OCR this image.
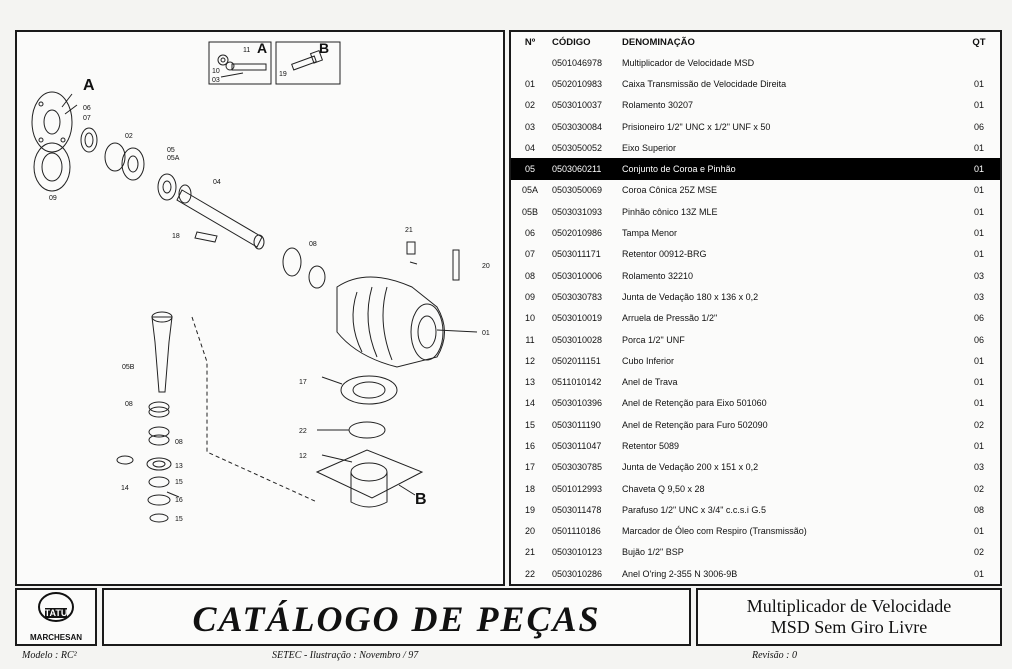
A
A	B
B
11
10
03
19
06
07
02
05
05A
09
04
18
08
21
20
01
05B
08
08
17
22
12
13
14
15
16
15
Nº	CÓDIGO	DENOMINAÇÃO	QT
	0501046978	Multiplicador de Velocidade MSD	
01	0502010983	Caixa Transmissão de Velocidade Direita	01
02	0503010037	Rolamento 30207	01
03	0503030084	Prisioneiro 1/2" UNC x 1/2" UNF x 50	06
04	0503050052	Eixo Superior	01
05	0503060211	Conjunto de Coroa e Pinhão	01
05A	0503050069	Coroa Cônica 25Z MSE	01
05B	0503031093	Pinhão cônico 13Z MLE	01
06	0502010986	Tampa Menor	01
07	0503011171	Retentor 00912-BRG	01
08	0503010006	Rolamento 32210	03
09	0503030783	Junta de Vedação 180 x 136 x 0,2	03
10	0503010019	Arruela de Pressão 1/2"	06
11	0503010028	Porca 1/2" UNF	06
12	0502011151	Cubo Inferior	01
13	0511010142	Anel de Trava	01
14	0503010396	Anel de Retenção para Eixo 501060	01
15	0503011190	Anel de Retenção para Furo 502090	02
16	0503011047	Retentor 5089	01
17	0503030785	Junta de Vedação 200 x 151 x 0,2	03
18	0501012993	Chaveta Q 9,50 x 28	02
19	0503011478	Parafuso 1/2" UNC x 3/4" c.c.s.i G.5	08
20	0501110186	Marcador de Óleo com Respiro (Transmissão)	01
21	0503010123	Bujão 1/2" BSP	02
22	0503010286	Anel O'ring 2-355 N 3006-9B	01
TATU
MARCHESAN	CATÁLOGO DE PEÇAS	Multiplicador de Velocidade
MSD Sem Giro Livre
Modelo : RC²	SETEC - Ilustração : Novembro / 97	Revisão : 0
